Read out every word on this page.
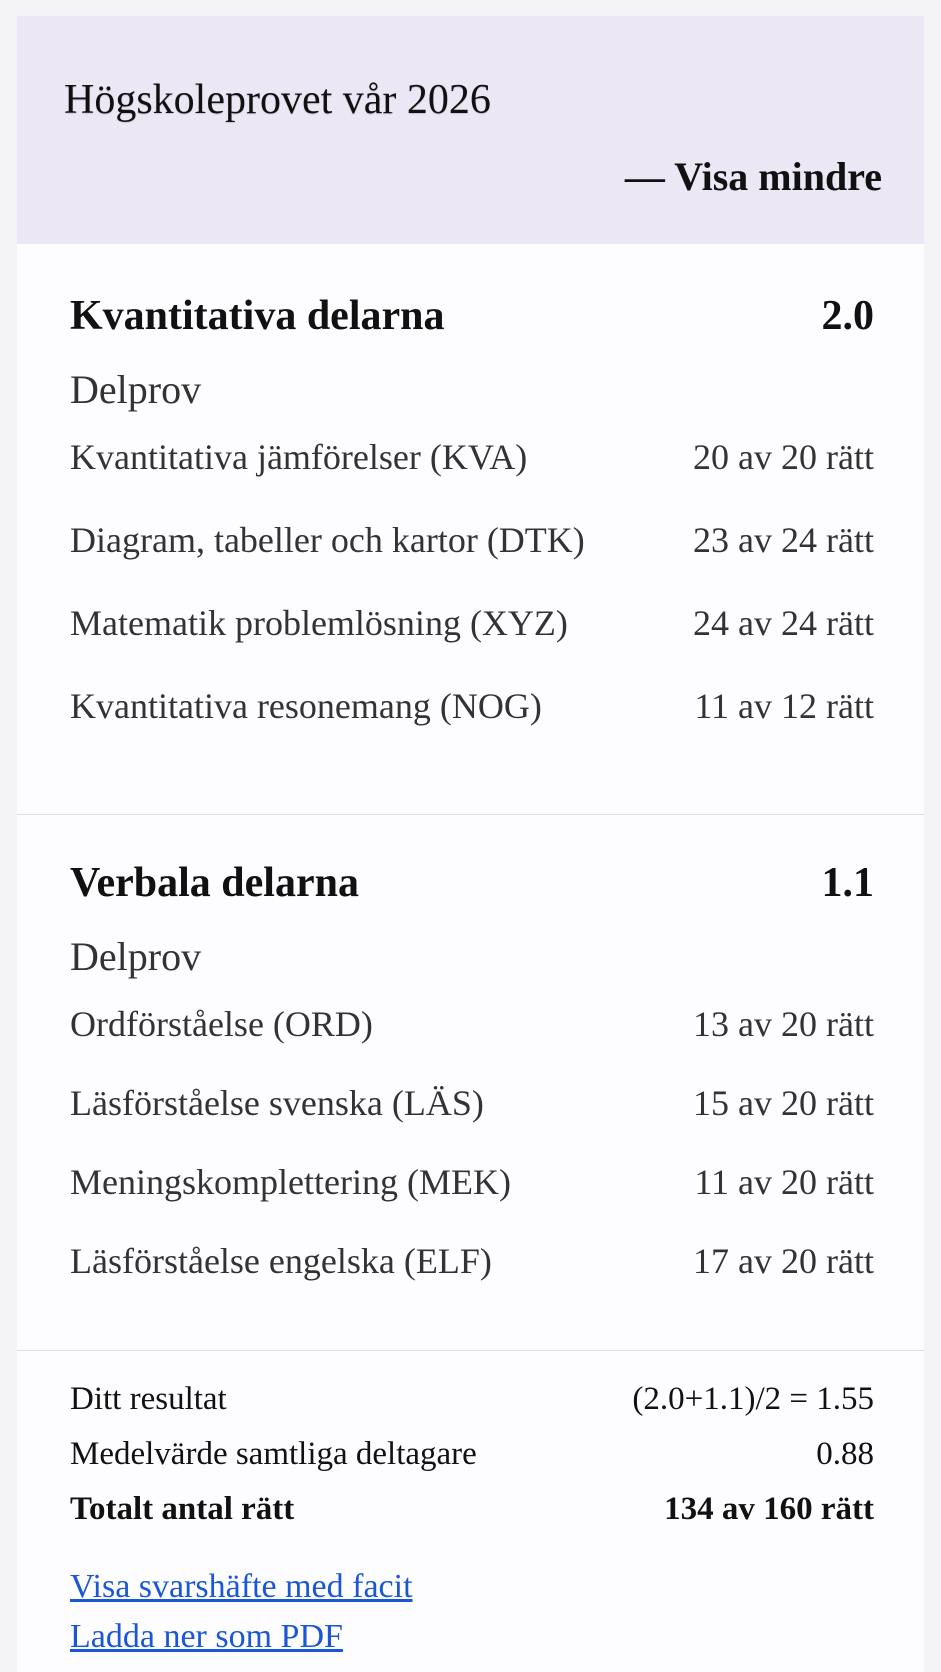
Högskoleprovet vår 2026
— Visa mindre
Kvantitativa delarna	2.0
Delprov
Kvantitativa jämförelser (KVA)	20 av 20 rätt
Diagram, tabeller och kartor (DTK)	23 av 24 rätt
Matematik problemlösning (XYZ)	24 av 24 rätt
Kvantitativa resonemang (NOG)	11 av 12 rätt
Verbala delarna	1.1
Delprov
Ordförståelse (ORD)	13 av 20 rätt
Läsförståelse svenska (LÄS)	15 av 20 rätt
Meningskomplettering (MEK)	11 av 20 rätt
Läsförståelse engelska (ELF)	17 av 20 rätt
Ditt resultat	(2.0+1.1)/2 = 1.55
Medelvärde samtliga deltagare	0.88
Totalt antal rätt	134 av 160 rätt
Visa svarshäfte med facit
Ladda ner som PDF
